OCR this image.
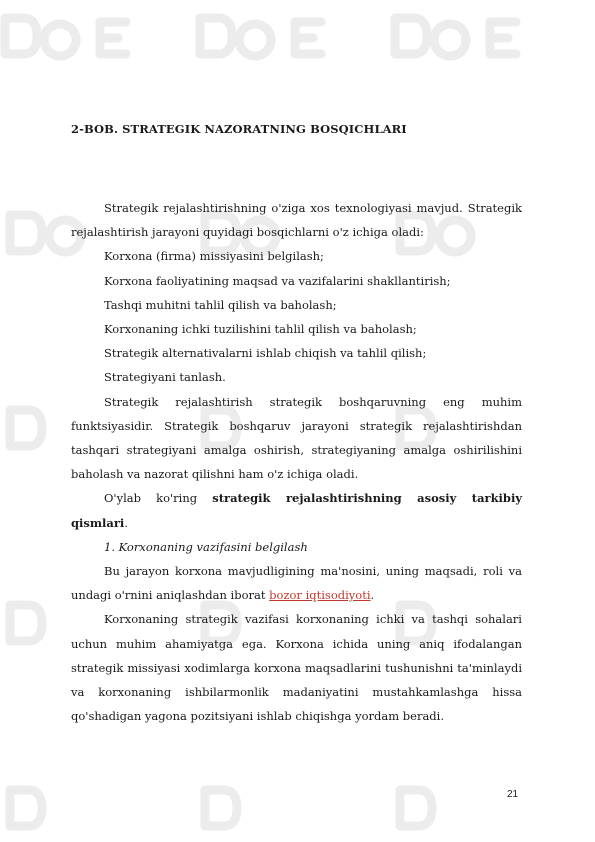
2-BOB. STRATEGIK NAZORATNING BOSQICHLARI

Strategik rejalashtirishning o'ziga xos texnologiyasi mavjud. Strategik rejalashtirish jarayoni quyidagi bosqichlarni o'z ichiga oladi:

Korxona (firma) missiyasini belgilash;

Korxona faoliyatining maqsad va vazifalarini shakllantirish;

Tashqi muhitni tahlil qilish va baholash;

Korxonaning ichki tuzilishini tahlil qilish va baholash;

Strategik alternativalarni ishlab chiqish va tahlil qilish;

Strategiyani tanlash.

Strategik rejalashtirish strategik boshqaruvning eng muhim funktsiyasidir. Strategik boshqaruv jarayoni strategik rejalashtirishdan tashqari strategiyani amalga oshirish, strategiyaning amalga oshirilishini baholash va nazorat qilishni ham o'z ichiga oladi.

O'ylab ko'ring strategik rejalashtirishning asosiy tarkibiy qismlari.

1. Korxonaning vazifasini belgilash

Bu jarayon korxona mavjudligining ma'nosini, uning maqsadi, roli va undagi o'rnini aniqlashdan iborat bozor iqtisodiyoti.

Korxonaning strategik vazifasi korxonaning ichki va tashqi sohalari uchun muhim ahamiyatga ega. Korxona ichida uning aniq ifodalangan strategik missiyasi xodimlarga korxona maqsadlarini tushunishni ta'minlaydi va korxonaning ishbilarmonlik madaniyatini mustahkamlashga hissa qo'shadigan yagona pozitsiyani ishlab chiqishga yordam beradi.

21
